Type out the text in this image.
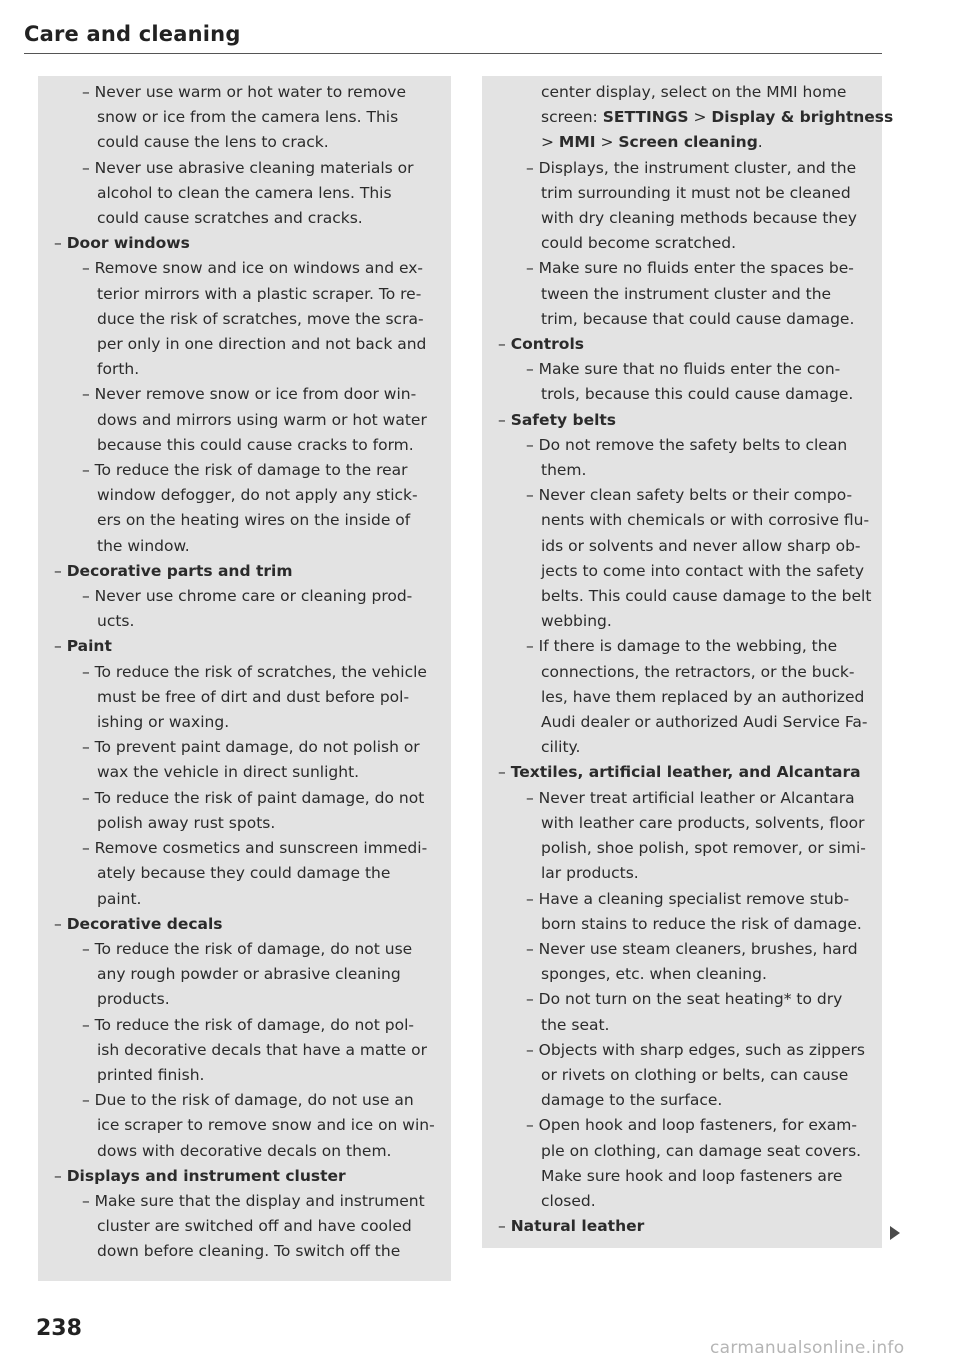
Care and cleaning
– Never use warm or hot water to remove
snow or ice from the camera lens. This
could cause the lens to crack.
– Never use abrasive cleaning materials or
alcohol to clean the camera lens. This
could cause scratches and cracks.
– Door windows
– Remove snow and ice on windows and ex-
terior mirrors with a plastic scraper. To re-
duce the risk of scratches, move the scra-
per only in one direction and not back and
forth.
– Never remove snow or ice from door win-
dows and mirrors using warm or hot water
because this could cause cracks to form.
– To reduce the risk of damage to the rear
window defogger, do not apply any stick-
ers on the heating wires on the inside of
the window.
– Decorative parts and trim
– Never use chrome care or cleaning prod-
ucts.
– Paint
– To reduce the risk of scratches, the vehicle
must be free of dirt and dust before pol-
ishing or waxing.
– To prevent paint damage, do not polish or
wax the vehicle in direct sunlight.
– To reduce the risk of paint damage, do not
polish away rust spots.
– Remove cosmetics and sunscreen immedi-
ately because they could damage the
paint.
– Decorative decals
– To reduce the risk of damage, do not use
any rough powder or abrasive cleaning
products.
– To reduce the risk of damage, do not pol-
ish decorative decals that have a matte or
printed finish.
– Due to the risk of damage, do not use an
ice scraper to remove snow and ice on win-
dows with decorative decals on them.
– Displays and instrument cluster
– Make sure that the display and instrument
cluster are switched off and have cooled
down before cleaning. To switch off the
center display, select on the MMI home
screen: SETTINGS > Display & brightness
> MMI > Screen cleaning.
– Displays, the instrument cluster, and the
trim surrounding it must not be cleaned
with dry cleaning methods because they
could become scratched.
– Make sure no fluids enter the spaces be-
tween the instrument cluster and the
trim, because that could cause damage.
– Controls
– Make sure that no fluids enter the con-
trols, because this could cause damage.
– Safety belts
– Do not remove the safety belts to clean
them.
– Never clean safety belts or their compo-
nents with chemicals or with corrosive flu-
ids or solvents and never allow sharp ob-
jects to come into contact with the safety
belts. This could cause damage to the belt
webbing.
– If there is damage to the webbing, the
connections, the retractors, or the buck-
les, have them replaced by an authorized
Audi dealer or authorized Audi Service Fa-
cility.
– Textiles, artificial leather, and Alcantara
– Never treat artificial leather or Alcantara
with leather care products, solvents, floor
polish, shoe polish, spot remover, or simi-
lar products.
– Have a cleaning specialist remove stub-
born stains to reduce the risk of damage.
– Never use steam cleaners, brushes, hard
sponges, etc. when cleaning.
– Do not turn on the seat heating* to dry
the seat.
– Objects with sharp edges, such as zippers
or rivets on clothing or belts, can cause
damage to the surface.
– Open hook and loop fasteners, for exam-
ple on clothing, can damage seat covers.
Make sure hook and loop fasteners are
closed.
– Natural leather
238
carmanualsonline.info
